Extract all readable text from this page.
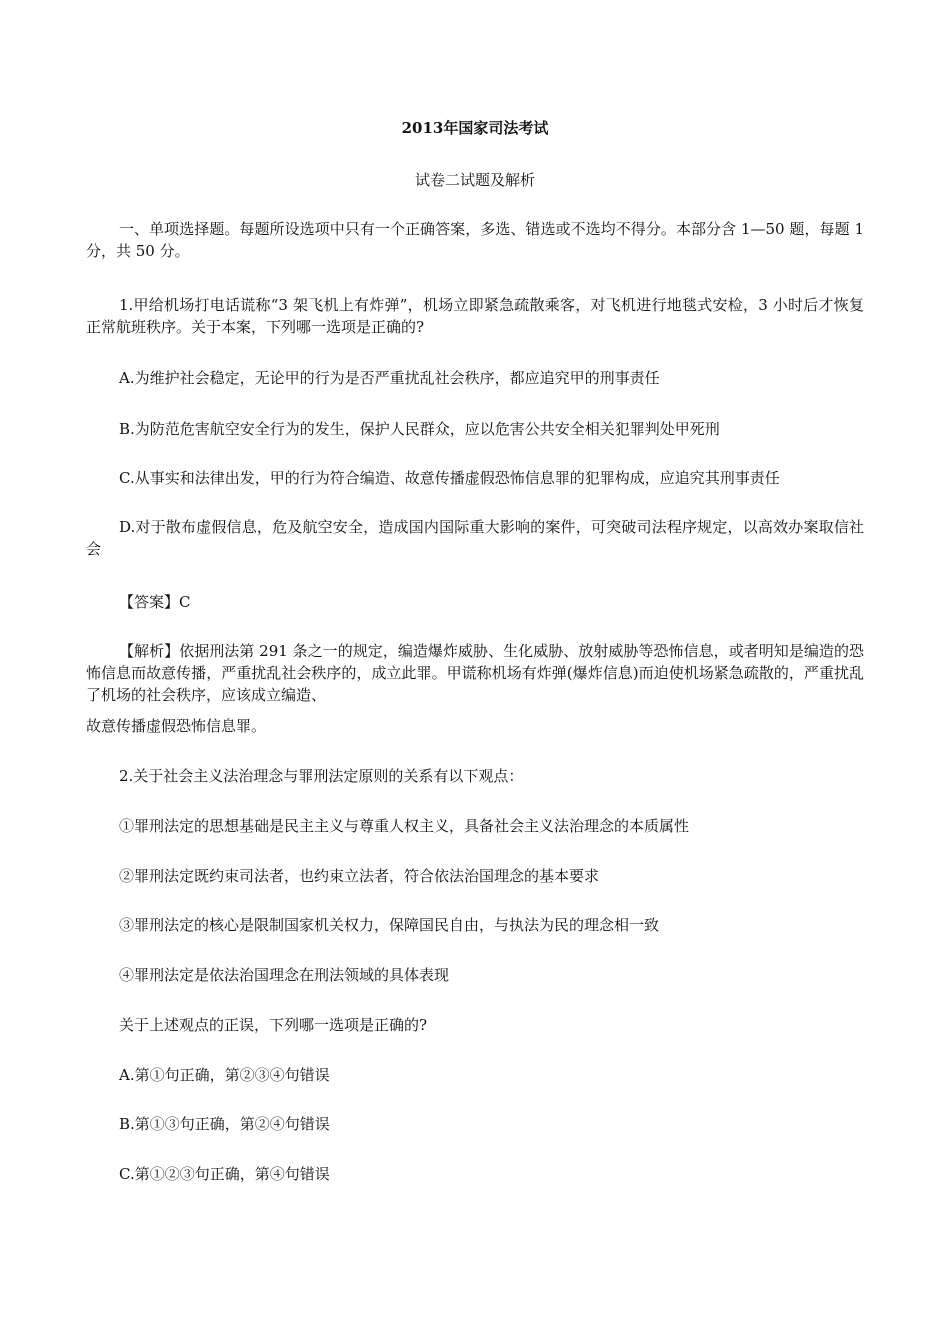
2013年国家司法考试
试卷二试题及解析
一、单项选择题。每题所设选项中只有一个正确答案，多选、错选或不选均不得分。本部分含 1—50 题，每题 1 分，共 50 分。
1.甲给机场打电话谎称“3 架飞机上有炸弹”，机场立即紧急疏散乘客，对飞机进行地毯式安检，3 小时后才恢复正常航班秩序。关于本案，下列哪一选项是正确的?
A.为维护社会稳定，无论甲的行为是否严重扰乱社会秩序，都应追究甲的刑事责任
B.为防范危害航空安全行为的发生，保护人民群众，应以危害公共安全相关犯罪判处甲死刑
C.从事实和法律出发，甲的行为符合编造、故意传播虚假恐怖信息罪的犯罪构成，应追究其刑事责任
D.对于散布虚假信息，危及航空安全，造成国内国际重大影响的案件，可突破司法程序规定，以高效办案取信社会
【答案】C
【解析】依据刑法第 291 条之一的规定，编造爆炸威胁、生化威胁、放射威胁等恐怖信息，或者明知是编造的恐怖信息而故意传播，严重扰乱社会秩序的，成立此罪。甲谎称机场有炸弹(爆炸信息)而迫使机场紧急疏散的，严重扰乱了机场的社会秩序，应该成立编造、
故意传播虚假恐怖信息罪。
2.关于社会主义法治理念与罪刑法定原则的关系有以下观点：
①罪刑法定的思想基础是民主主义与尊重人权主义，具备社会主义法治理念的本质属性
②罪刑法定既约束司法者，也约束立法者，符合依法治国理念的基本要求
③罪刑法定的核心是限制国家机关权力，保障国民自由，与执法为民的理念相一致
④罪刑法定是依法治国理念在刑法领域的具体表现
关于上述观点的正误，下列哪一选项是正确的?
A.第①句正确，第②③④句错误
B.第①③句正确，第②④句错误
C.第①②③句正确，第④句错误
